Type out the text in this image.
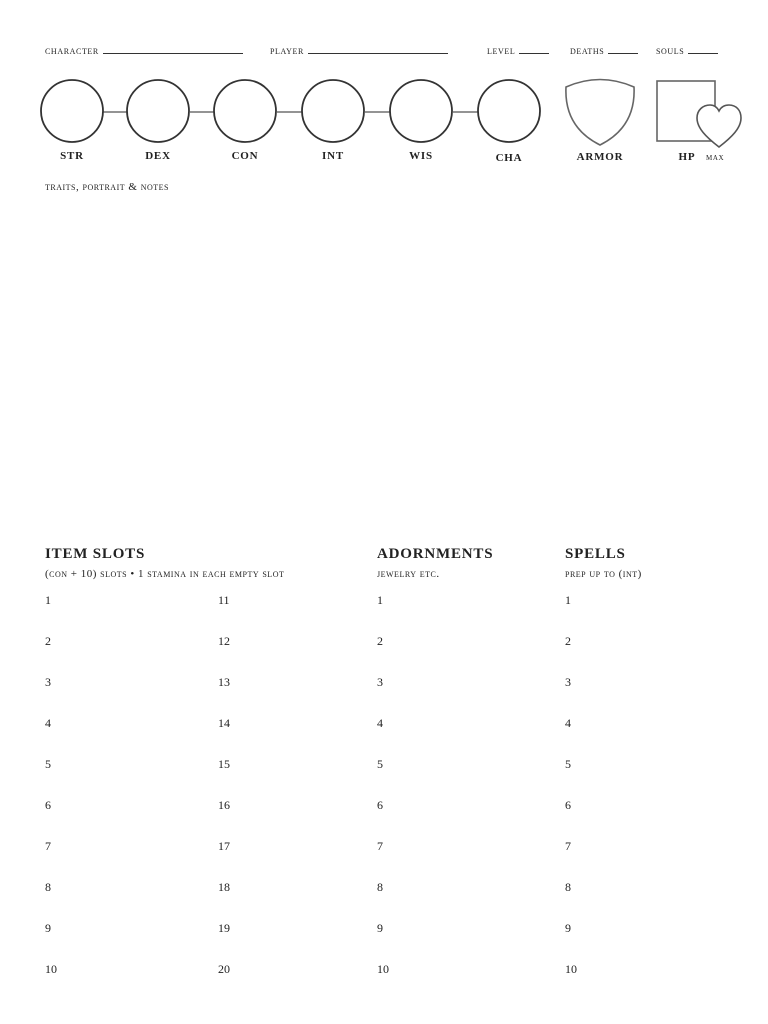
character	player	level	deaths	souls
STR	DEX	CON	INT	WIS	CHA	ARMOR	HP	max
traits, portrait & notes
ITEM SLOTS
(con + 10) slots • 1 stamina in each empty slot
1
2
3
4
5
6
7
8
9
10
11
12
13
14
15
16
17
18
19
20
ADORNMENTS
jewelry etc.
1
2
3
4
5
6
7
8
9
10
SPELLS
prep up to (int)
1
2
3
4
5
6
7
8
9
10
